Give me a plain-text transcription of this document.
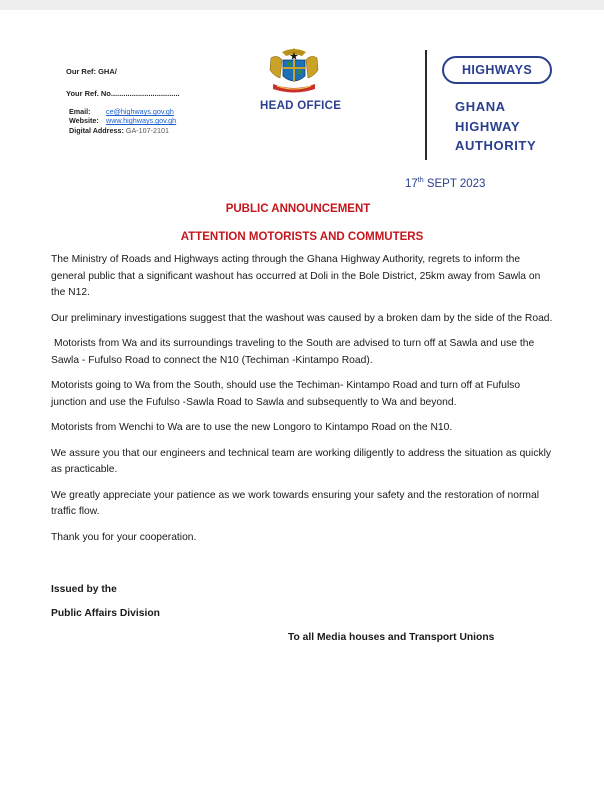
Our Ref: GHA/
Your Ref. No.................................
Email: ce@highways.gov.gh
Website: www.highways.gov.gh
Digital Address: GA-107-2101
HEAD OFFICE
HIGHWAYS
GHANA
HIGHWAY
AUTHORITY
17th SEPT 2023
PUBLIC ANNOUNCEMENT
ATTENTION MOTORISTS AND COMMUTERS

The Ministry of Roads and Highways acting through the Ghana Highway Authority, regrets to inform the general public that a significant washout has occurred at Doli in the Bole District, 25km away from Sawla on the N12.

Our preliminary investigations suggest that the washout was caused by a broken dam by the side of the Road.

Motorists from Wa and its surroundings traveling to the South are advised to turn off at Sawla and use the Sawla - Fufulso Road to connect the N10 (Techiman -Kintampo Road).

Motorists going to Wa from the South, should use the Techiman- Kintampo Road and turn off at Fufulso junction and use the Fufulso -Sawla Road to Sawla and subsequently to Wa and beyond.

Motorists from Wenchi to Wa are to use the new Longoro to Kintampo Road on the N10.

We assure you that our engineers and technical team are working diligently to address the situation as quickly as practicable.

We greatly appreciate your patience as we work towards ensuring your safety and the restoration of normal traffic flow.

Thank you for your cooperation.

Issued by the
Public Affairs Division
To all Media houses and Transport Unions
